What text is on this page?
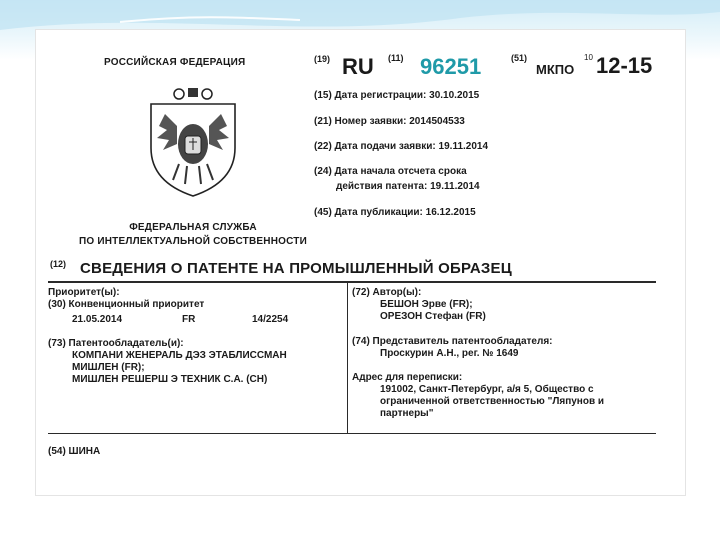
РОССИЙСКАЯ ФЕДЕРАЦИЯ
ФЕДЕРАЛЬНАЯ СЛУЖБА
ПО ИНТЕЛЛЕКТУАЛЬНОЙ СОБСТВЕННОСТИ
(19) RU (11) 96251	(51)
МКПО
10 12-15
(15) Дата регистрации: 30.10.2015
(21) Номер заявки: 2014504533
(22) Дата подачи заявки: 19.11.2014
(24) Дата начала отсчета срока
действия патента: 19.11.2014
(45) Дата публикации: 16.12.2015
(12) СВЕДЕНИЯ О ПАТЕНТЕ НА ПРОМЫШЛЕННЫЙ ОБРАЗЕЦ
Приоритет(ы):
(30) Конвенционный приоритет
21.05.2014	FR	14/2254
(73) Патентообладатель(и):
КОМПАНИ ЖЕНЕРАЛЬ ДЭЗ ЭТАБЛИССМАН
МИШЛЕН (FR);
МИШЛЕН РЕШЕРШ Э ТЕХНИК С.А. (CH)
(72) Автор(ы):
БЕШОН Эрве (FR);
ОРЕЗОН Стефан (FR)
(74) Представитель патентообладателя:
Проскурин А.Н., рег. № 1649
Адрес для переписки:
191002, Санкт-Петербург, а/я 5, Общество с
ограниченной ответственностью "Ляпунов и
партнеры"
(54) ШИНА
